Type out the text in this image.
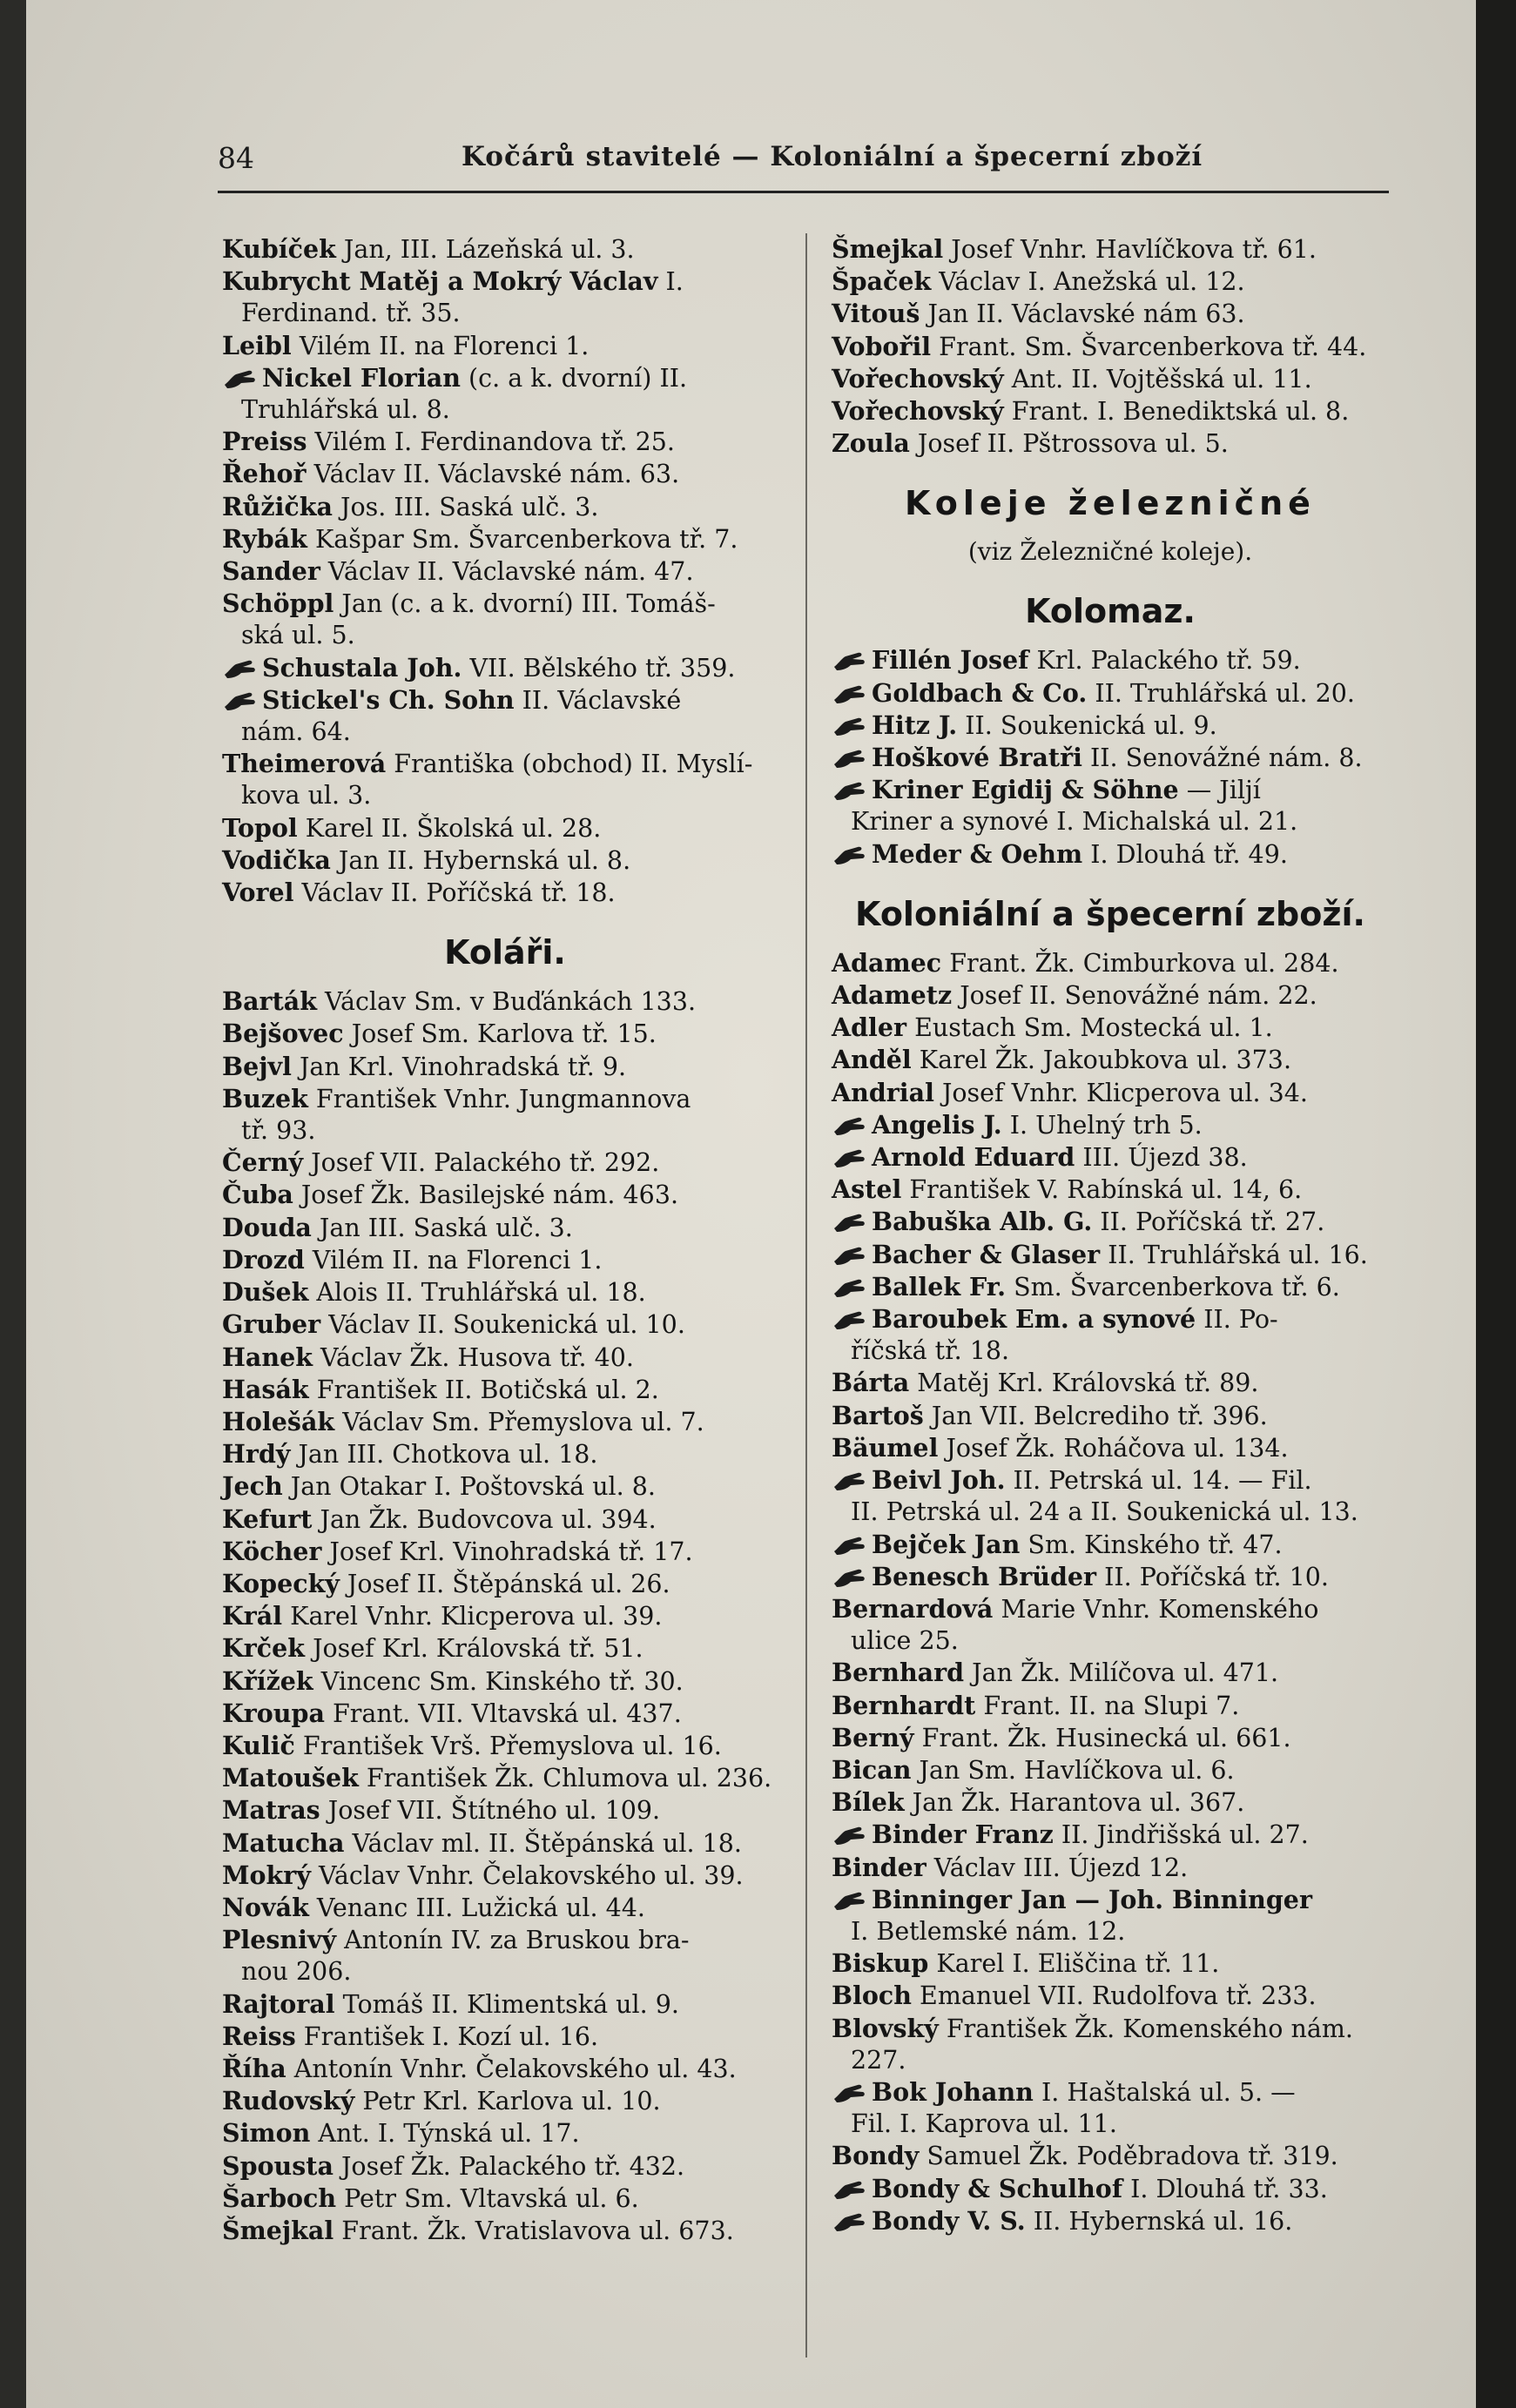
84	Kočárů stavitelé — Koloniální a špecerní zboží
Kubíček Jan, III. Lázeňská ul. 3.
Kubrycht Matěj a Mokrý Václav I.
Ferdinand. tř. 35.
Leibl Vilém II. na Florenci 1.
Nickel Florian (c. a k. dvorní) II.
Truhlářská ul. 8.
Preiss Vilém I. Ferdinandova tř. 25.
Řehoř Václav II. Václavské nám. 63.
Růžička Jos. III. Saská ulč. 3.
Rybák Kašpar Sm. Švarcenberkova tř. 7.
Sander Václav II. Václavské nám. 47.
Schöppl Jan (c. a k. dvorní) III. Tomáš-
ská ul. 5.
Schustala Joh. VII. Bělského tř. 359.
Stickel's Ch. Sohn II. Václavské
nám. 64.
Theimerová Františka (obchod) II. Myslí-
kova ul. 3.
Topol Karel II. Školská ul. 28.
Vodička Jan II. Hybernská ul. 8.
Vorel Václav II. Poříčská tř. 18.
Koláři.
Barták Václav Sm. v Buďánkách 133.
Bejšovec Josef Sm. Karlova tř. 15.
Bejvl Jan Krl. Vinohradská tř. 9.
Buzek František Vnhr. Jungmannova
tř. 93.
Černý Josef VII. Palackého tř. 292.
Čuba Josef Žk. Basilejské nám. 463.
Douda Jan III. Saská ulč. 3.
Drozd Vilém II. na Florenci 1.
Dušek Alois II. Truhlářská ul. 18.
Gruber Václav II. Soukenická ul. 10.
Hanek Václav Žk. Husova tř. 40.
Hasák František II. Botičská ul. 2.
Holešák Václav Sm. Přemyslova ul. 7.
Hrdý Jan III. Chotkova ul. 18.
Jech Jan Otakar I. Poštovská ul. 8.
Kefurt Jan Žk. Budovcova ul. 394.
Köcher Josef Krl. Vinohradská tř. 17.
Kopecký Josef II. Štěpánská ul. 26.
Král Karel Vnhr. Klicperova ul. 39.
Krček Josef Krl. Královská tř. 51.
Křížek Vincenc Sm. Kinského tř. 30.
Kroupa Frant. VII. Vltavská ul. 437.
Kulič František Vrš. Přemyslova ul. 16.
Matoušek František Žk. Chlumova ul. 236.
Matras Josef VII. Štítného ul. 109.
Matucha Václav ml. II. Štěpánská ul. 18.
Mokrý Václav Vnhr. Čelakovského ul. 39.
Novák Venanc III. Lužická ul. 44.
Plesnivý Antonín IV. za Bruskou bra-
nou 206.
Rajtoral Tomáš II. Klimentská ul. 9.
Reiss František I. Kozí ul. 16.
Říha Antonín Vnhr. Čelakovského ul. 43.
Rudovský Petr Krl. Karlova ul. 10.
Simon Ant. I. Týnská ul. 17.
Spousta Josef Žk. Palackého tř. 432.
Šarboch Petr Sm. Vltavská ul. 6.
Šmejkal Frant. Žk. Vratislavova ul. 673.
Šmejkal Josef Vnhr. Havlíčkova tř. 61.
Špaček Václav I. Anežská ul. 12.
Vitouš Jan II. Václavské nám 63.
Vobořil Frant. Sm. Švarcenberkova tř. 44.
Vořechovský Ant. II. Vojtěšská ul. 11.
Vořechovský Frant. I. Benediktská ul. 8.
Zoula Josef II. Pštrossova ul. 5.
Koleje železničné
(viz Železničné koleje).
Kolomaz.
Fillén Josef Krl. Palackého tř. 59.
Goldbach & Co. II. Truhlářská ul. 20.
Hitz J. II. Soukenická ul. 9.
Hoškové Bratři II. Senovážné nám. 8.
Kriner Egidij & Söhne — Jiljí
Kriner a synové I. Michalská ul. 21.
Meder & Oehm I. Dlouhá tř. 49.
Koloniální a špecerní zboží.
Adamec Frant. Žk. Cimburkova ul. 284.
Adametz Josef II. Senovážné nám. 22.
Adler Eustach Sm. Mostecká ul. 1.
Anděl Karel Žk. Jakoubkova ul. 373.
Andrial Josef Vnhr. Klicperova ul. 34.
Angelis J. I. Uhelný trh 5.
Arnold Eduard III. Újezd 38.
Astel František V. Rabínská ul. 14, 6.
Babuška Alb. G. II. Poříčská tř. 27.
Bacher & Glaser II. Truhlářská ul. 16.
Ballek Fr. Sm. Švarcenberkova tř. 6.
Baroubek Em. a synové II. Po-
říčská tř. 18.
Bárta Matěj Krl. Královská tř. 89.
Bartoš Jan VII. Belcrediho tř. 396.
Bäumel Josef Žk. Roháčova ul. 134.
Beivl Joh. II. Petrská ul. 14. — Fil.
II. Petrská ul. 24 a II. Soukenická ul. 13.
Bejček Jan Sm. Kinského tř. 47.
Benesch Brüder II. Poříčská tř. 10.
Bernardová Marie Vnhr. Komenského
ulice 25.
Bernhard Jan Žk. Milíčova ul. 471.
Bernhardt Frant. II. na Slupi 7.
Berný Frant. Žk. Husinecká ul. 661.
Bican Jan Sm. Havlíčkova ul. 6.
Bílek Jan Žk. Harantova ul. 367.
Binder Franz II. Jindřišská ul. 27.
Binder Václav III. Újezd 12.
Binninger Jan — Joh. Binninger
I. Betlemské nám. 12.
Biskup Karel I. Eliščina tř. 11.
Bloch Emanuel VII. Rudolfova tř. 233.
Blovský František Žk. Komenského nám.
227.
Bok Johann I. Haštalská ul. 5. —
Fil. I. Kaprova ul. 11.
Bondy Samuel Žk. Poděbradova tř. 319.
Bondy & Schulhof I. Dlouhá tř. 33.
Bondy V. S. II. Hybernská ul. 16.
